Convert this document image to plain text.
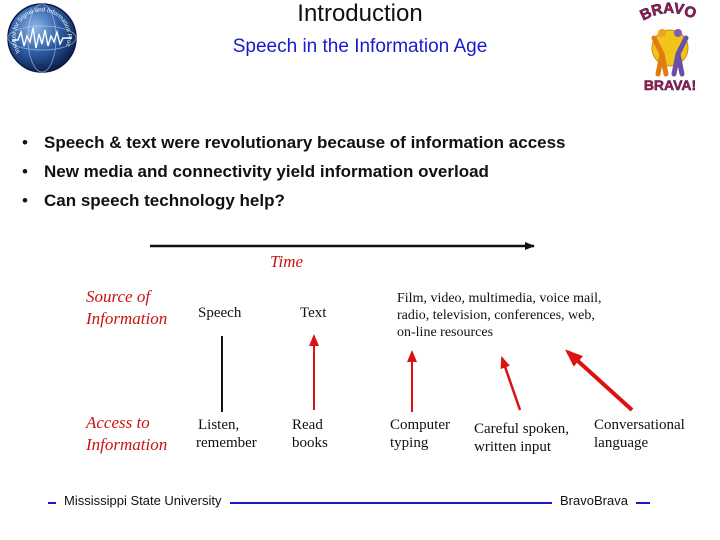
Institute for Signal and Information Proc
BRAVO
BRAVA!
Introduction
Speech in the Information Age
• Speech & text were revolutionary because of information access
• New media and connectivity yield information overload
• Can speech technology help?
Time
Source of
Information Speech	Text
Film, video, multimedia, voice mail,
radio, television, conferences, web,
on-line resources
Access to
Information
Listen,
remember
Read
books
Computer
typing
Careful spoken,
written input
Conversational
language
Mississippi State University	BravoBrava
